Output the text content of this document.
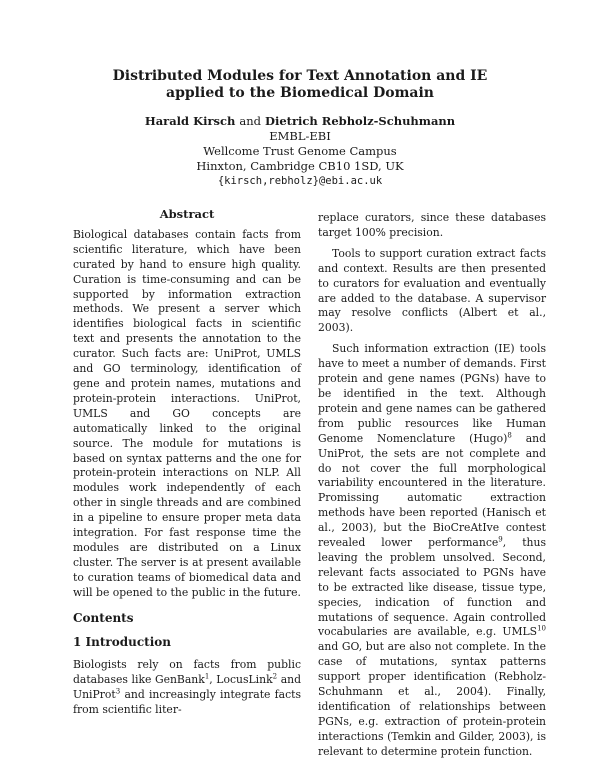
Distributed Modules for Text Annotation and IE
applied to the Biomedical Domain
Harald Kirsch and Dietrich Rebholz-Schuhmann
EMBL-EBI
Wellcome Trust Genome Campus
Hinxton, Cambridge CB10 1SD, UK
{kirsch,rebholz}@ebi.ac.uk
Abstract

Biological databases contain facts from scientific literature, which have been curated by hand to ensure high quality. Curation is time-consuming and can be supported by information extraction methods. We present a server which identifies biological facts in scientific text and presents the annotation to the curator. Such facts are: UniProt, UMLS and GO terminology, identification of gene and protein names, mutations and protein-protein interactions. UniProt, UMLS and GO concepts are automatically linked to the original source. The module for mutations is based on syntax patterns and the one for protein-protein interactions on NLP. All modules work independently of each other in single threads and are combined in a pipeline to ensure proper meta data integration. For fast response time the modules are distributed on a Linux cluster. The server is at present available to curation teams of biomedical data and will be opened to the public in the future.

Contents
1 Introduction

Biologists rely on facts from public databases like GenBank$^1$, LocusLink$^2$ and UniProt$^3$ and increasingly integrate facts from scientific liter-

replace curators, since these databases target 100% precision.

Tools to support curation extract facts and context. Results are then presented to curators for evaluation and eventually are added to the database. A supervisor may resolve conflicts (Albert et al., 2003).

Such information extraction (IE) tools have to meet a number of demands. First protein and gene names (PGNs) have to be identified in the text. Although protein and gene names can be gathered from public resources like Human Genome Nomenclature (Hugo)$^8$ and UniProt, the sets are not complete and do not cover the full morphological variability encountered in the literature. Promissing automatic extraction methods have been reported (Hanisch et al., 2003), but the BioCreAtIve contest revealed lower performance$^9$, thus leaving the problem unsolved. Second, relevant facts associated to PGNs have to be extracted like disease, tissue type, species, indication of function and mutations of sequence. Again controlled vocabularies are available, e.g. UMLS$^{10}$ and GO, but are also not complete. In the case of mutations, syntax patterns support proper identification (Rebholz-Schuhmann et al., 2004). Finally, identification of relationships between PGNs, e.g. extraction of protein-protein interactions (Temkin and Gilder, 2003), is relevant to determine protein function.
